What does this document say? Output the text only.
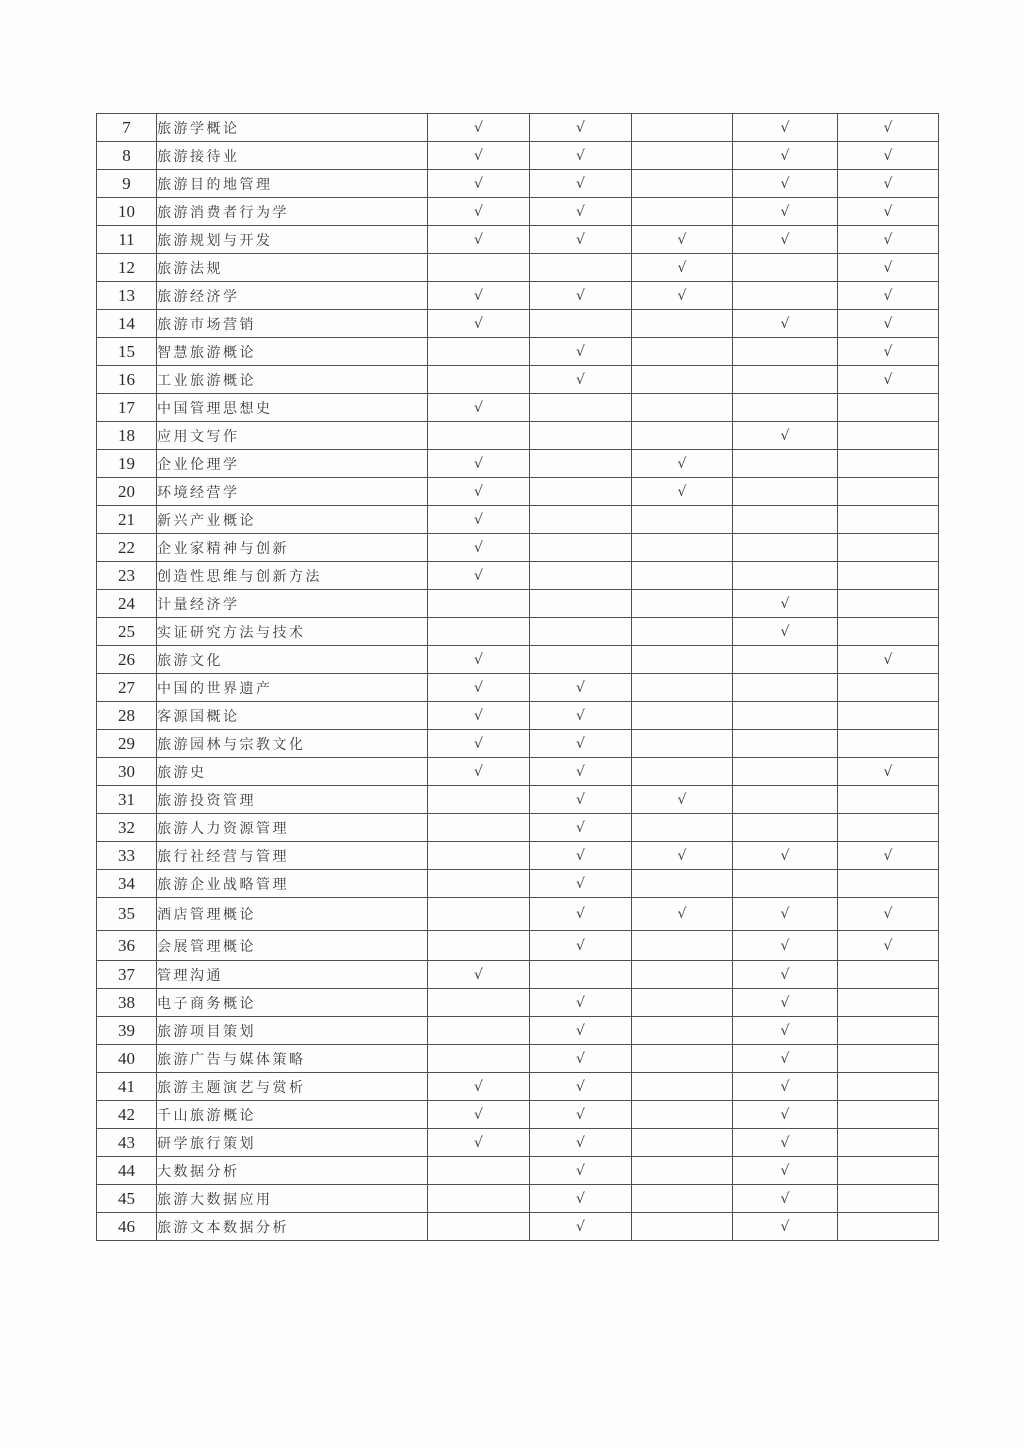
7	旅游学概论	√	√		√	√
8	旅游接待业	√	√		√	√
9	旅游目的地管理	√	√		√	√
10	旅游消费者行为学	√	√		√	√
11	旅游规划与开发	√	√	√	√	√
12	旅游法规			√		√
13	旅游经济学	√	√	√		√
14	旅游市场营销	√			√	√
15	智慧旅游概论		√			√
16	工业旅游概论		√			√
17	中国管理思想史	√				
18	应用文写作				√	
19	企业伦理学	√		√		
20	环境经营学	√		√		
21	新兴产业概论	√				
22	企业家精神与创新	√				
23	创造性思维与创新方法	√				
24	计量经济学				√	
25	实证研究方法与技术				√	
26	旅游文化	√				√
27	中国的世界遗产	√	√			
28	客源国概论	√	√			
29	旅游园林与宗教文化	√	√			
30	旅游史	√	√			√
31	旅游投资管理		√	√		
32	旅游人力资源管理		√			
33	旅行社经营与管理		√	√	√	√
34	旅游企业战略管理		√			
35	酒店管理概论		√	√	√	√
36	会展管理概论		√		√	√
37	管理沟通	√			√	
38	电子商务概论		√		√	
39	旅游项目策划		√		√	
40	旅游广告与媒体策略		√		√	
41	旅游主题演艺与赏析	√	√		√	
42	千山旅游概论	√	√		√	
43	研学旅行策划	√	√		√	
44	大数据分析		√		√	
45	旅游大数据应用		√		√	
46	旅游文本数据分析		√		√	
